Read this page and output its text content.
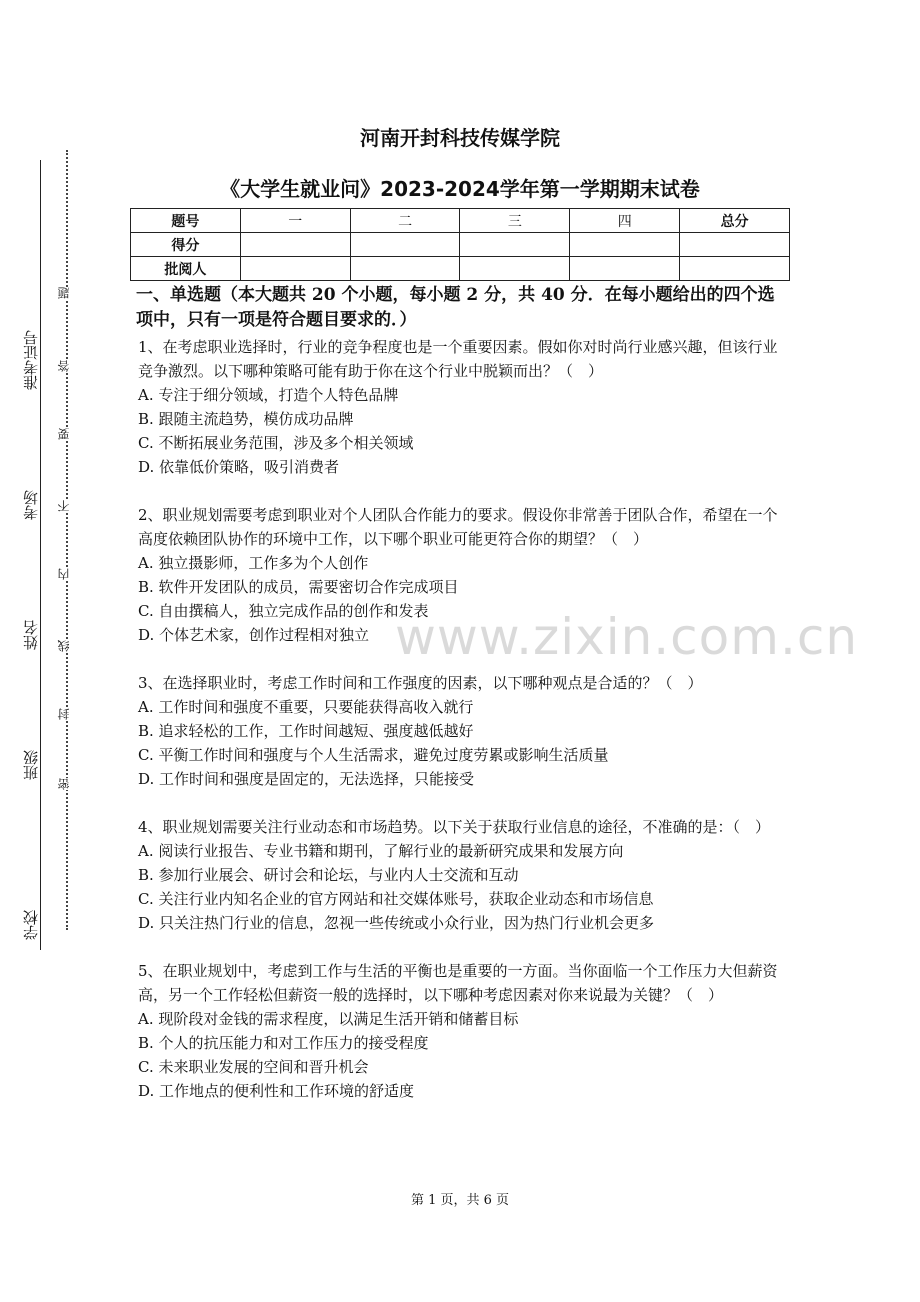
准考证号
考场
姓名
班级
学校
题
答
要
不
内
线
封
密
河南开封科技传媒学院
《大学生就业问》2023-2024学年第一学期期末试卷
题号	一	二	三	四	总分
得分					
批阅人					
一、单选题（本大题共 20 个小题，每小题 2 分，共 40 分．在每小题给出的四个选项中，只有一项是符合题目要求的．）
1、在考虑职业选择时，行业的竞争程度也是一个重要因素。假如你对时尚行业感兴趣，但该行业竞争激烈。以下哪种策略可能有助于你在这个行业中脱颖而出？（　）
A. 专注于细分领域，打造个人特色品牌
B. 跟随主流趋势，模仿成功品牌
C. 不断拓展业务范围，涉及多个相关领域
D. 依靠低价策略，吸引消费者
2、职业规划需要考虑到职业对个人团队合作能力的要求。假设你非常善于团队合作，希望在一个高度依赖团队协作的环境中工作，以下哪个职业可能更符合你的期望？（　）
A. 独立摄影师，工作多为个人创作
B. 软件开发团队的成员，需要密切合作完成项目
C. 自由撰稿人，独立完成作品的创作和发表
D. 个体艺术家，创作过程相对独立
3、在选择职业时，考虑工作时间和工作强度的因素，以下哪种观点是合适的？（　）
A. 工作时间和强度不重要，只要能获得高收入就行
B. 追求轻松的工作，工作时间越短、强度越低越好
C. 平衡工作时间和强度与个人生活需求，避免过度劳累或影响生活质量
D. 工作时间和强度是固定的，无法选择，只能接受
4、职业规划需要关注行业动态和市场趋势。以下关于获取行业信息的途径，不准确的是：（　）
A. 阅读行业报告、专业书籍和期刊，了解行业的最新研究成果和发展方向
B. 参加行业展会、研讨会和论坛，与业内人士交流和互动
C. 关注行业内知名企业的官方网站和社交媒体账号，获取企业动态和市场信息
D. 只关注热门行业的信息，忽视一些传统或小众行业，因为热门行业机会更多
5、在职业规划中，考虑到工作与生活的平衡也是重要的一方面。当你面临一个工作压力大但薪资高，另一个工作轻松但薪资一般的选择时，以下哪种考虑因素对你来说最为关键？（　）
A. 现阶段对金钱的需求程度，以满足生活开销和储蓄目标
B. 个人的抗压能力和对工作压力的接受程度
C. 未来职业发展的空间和晋升机会
D. 工作地点的便利性和工作环境的舒适度
www.zixin.com.cn
第 1 页，共 6 页
